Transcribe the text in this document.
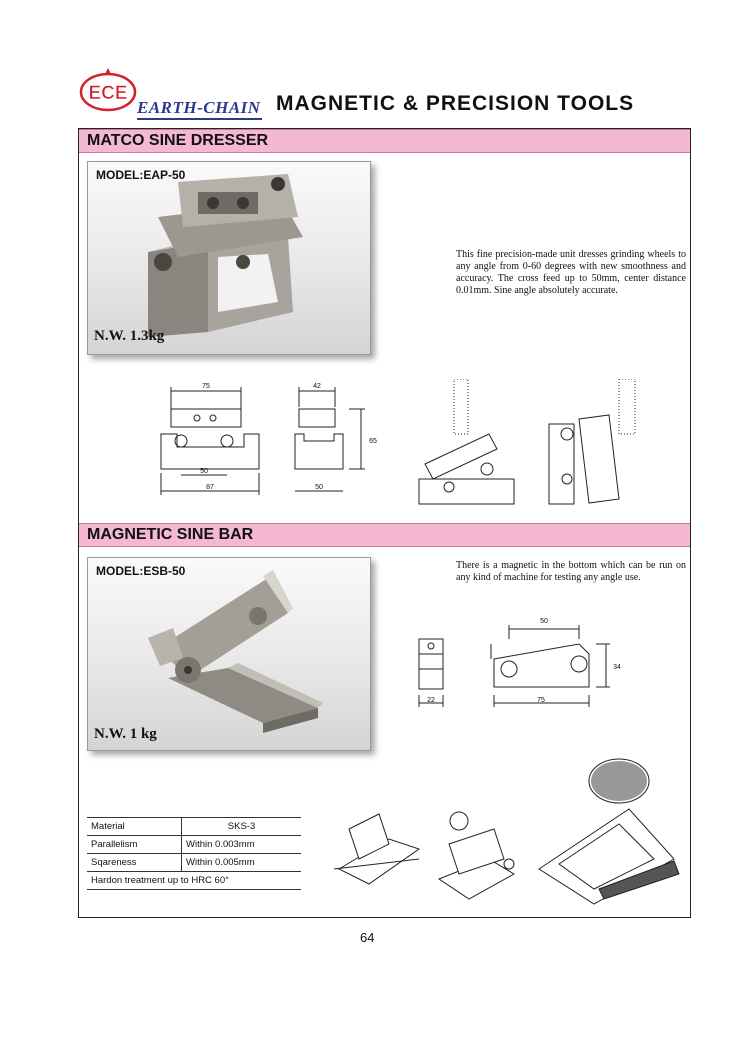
ECE
EARTH-CHAIN MAGNETIC & PRECISION TOOLS
MATCO SINE DRESSER
MODEL:EAP-50
N.W. 1.3kg
This fine precision-made unit dresses grinding wheels to any angle from 0-60 degrees with new smoothness and accuracy. The cross feed up to 50mm, center distance 0.01mm. Sine angle absolutely accurate.
75	42
65
50
87	50
MAGNETIC SINE BAR
MODEL:ESB-50
N.W. 1 kg
There is a magnetic in the bottom which can be run on any kind of machine for testing any angle use.
50
34
22	75
Material	SKS-3
Parallelism	Within 0.003mm
Sqareness	Within 0.005mm
Hardon treatment up to HRC 60°	
64
